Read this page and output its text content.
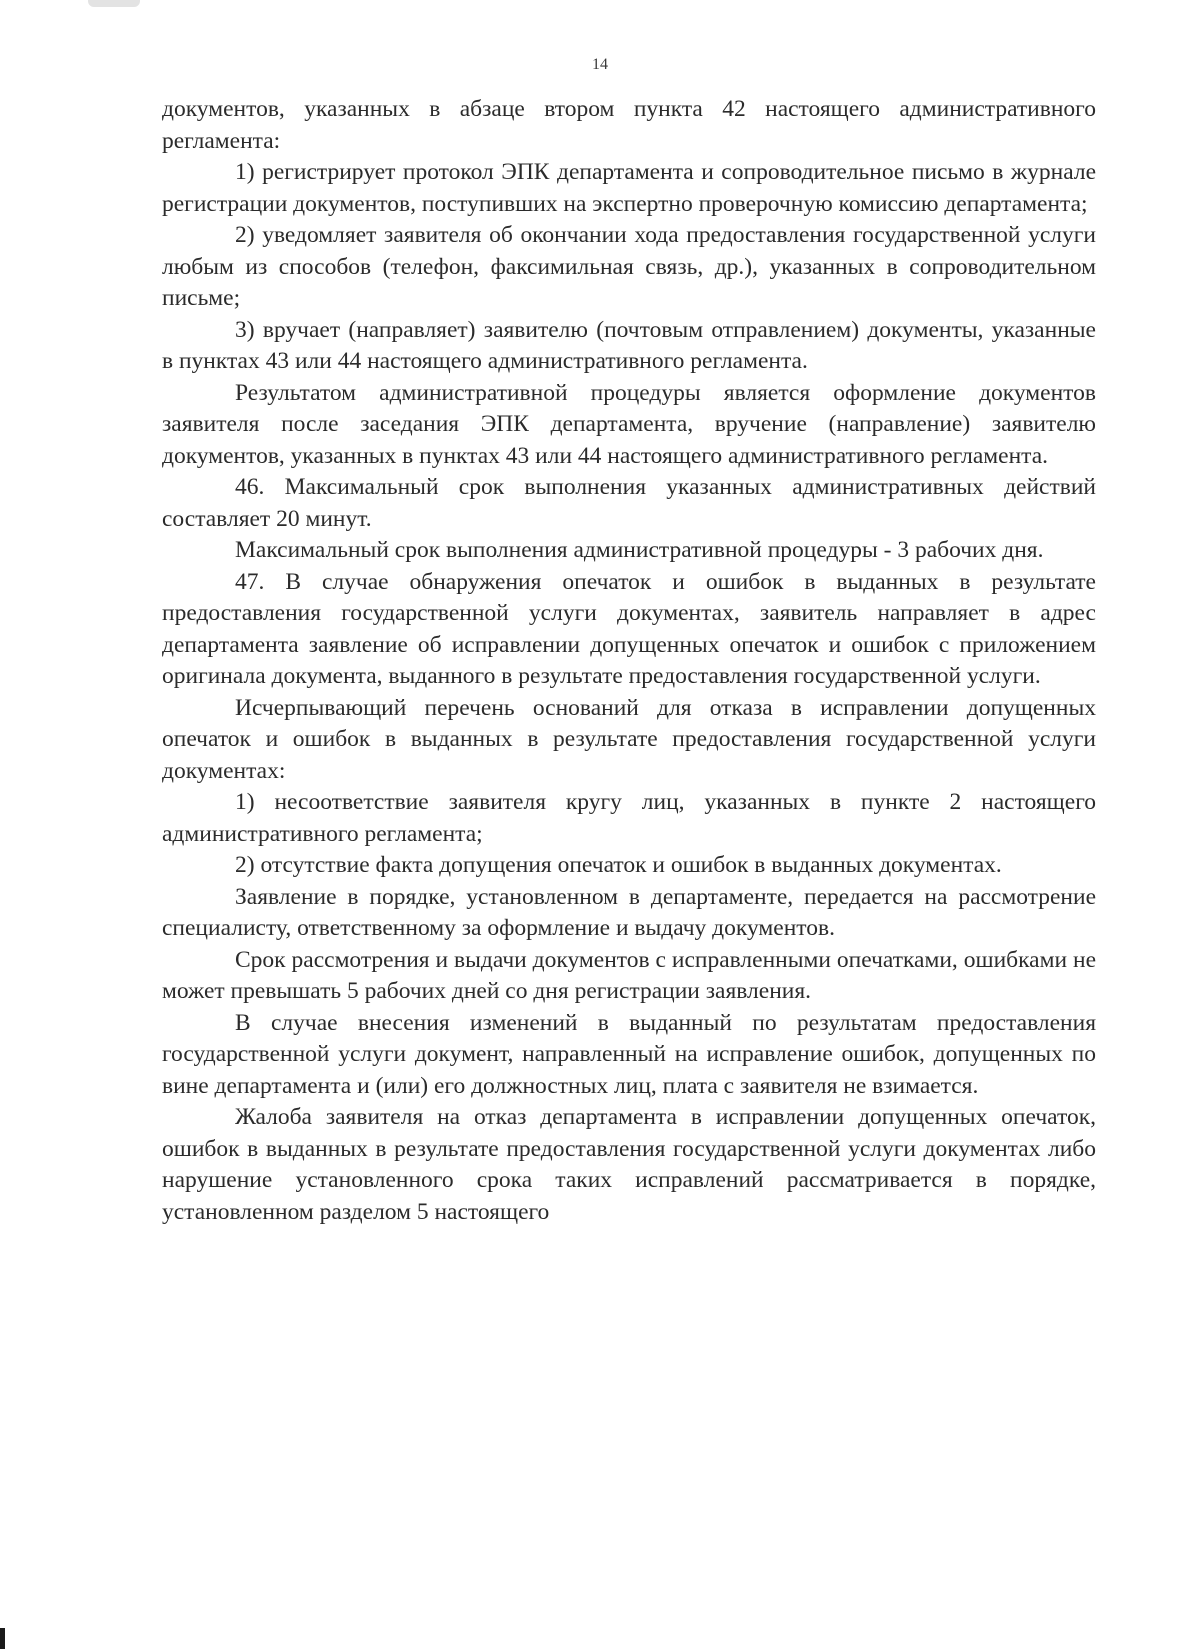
14

документов, указанных в абзаце втором пункта 42 настоящего административного регламента:

1) регистрирует протокол ЭПК департамента и сопроводительное письмо в журнале регистрации документов, поступивших на экспертно проверочную комиссию департамента;

2) уведомляет заявителя об окончании хода предоставления государственной услуги любым из способов (телефон, факсимильная связь, др.), указанных в сопроводительном письме;

3) вручает (направляет) заявителю (почтовым отправлением) документы, указанные в пунктах 43 или 44 настоящего административного регламента.

Результатом административной процедуры является оформление документов заявителя после заседания ЭПК департамента, вручение (направление) заявителю документов, указанных в пунктах 43 или 44 настоящего административного регламента.

46. Максимальный срок выполнения указанных административных действий составляет 20 минут.

Максимальный срок выполнения административной процедуры - 3 рабочих дня.

47. В случае обнаружения опечаток и ошибок в выданных в результате предоставления государственной услуги документах, заявитель направляет в адрес департамента заявление об исправлении допущенных опечаток и ошибок с приложением оригинала документа, выданного в результате предоставления государственной услуги.

Исчерпывающий перечень оснований для отказа в исправлении допущенных опечаток и ошибок в выданных в результате предоставления государственной услуги документах:

1) несоответствие заявителя кругу лиц, указанных в пункте 2 настоящего административного регламента;

2) отсутствие факта допущения опечаток и ошибок в выданных документах.

Заявление в порядке, установленном в департаменте, передается на рассмотрение специалисту, ответственному за оформление и выдачу документов.

Срок рассмотрения и выдачи документов с исправленными опечатками, ошибками не может превышать 5 рабочих дней со дня регистрации заявления.

В случае внесения изменений в выданный по результатам предоставления государственной услуги документ, направленный на исправление ошибок, допущенных по вине департамента и (или) его должностных лиц, плата с заявителя не взимается.

Жалоба заявителя на отказ департамента в исправлении допущенных опечаток, ошибок в выданных в результате предоставления государственной услуги документах либо нарушение установленного срока таких исправлений рассматривается в порядке, установленном разделом 5 настоящего
